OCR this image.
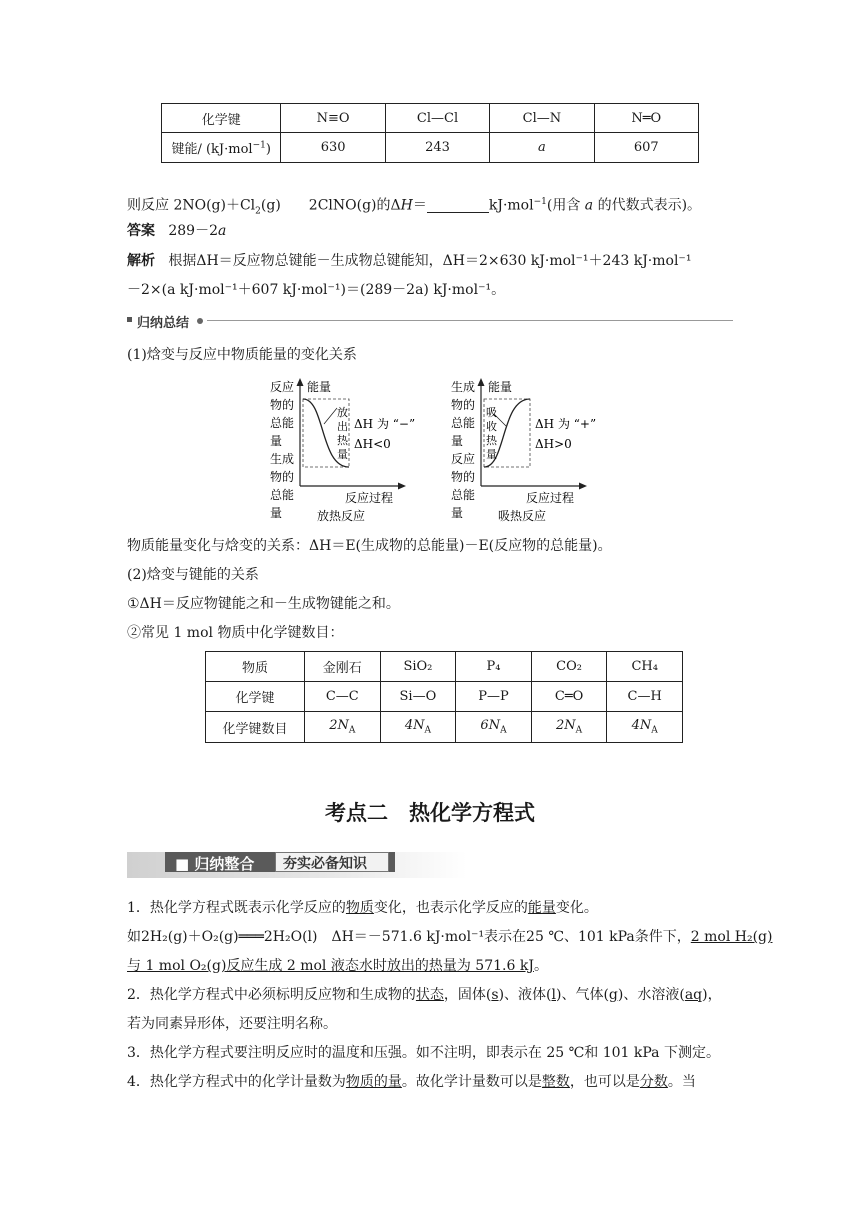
化学键	N≡O	Cl—Cl	Cl—N	N═O
键能/ (kJ·mol$^{-1}$)	630	243	a	607
则反应 $2NO(g)+Cl_2(g)$　　2ClNO(g)的ΔH＝	kJ·mol$^{-1}$(用含 a 的代数式表示)。
答案 289－2a
解析 根据ΔH＝反应物总键能－生成物总键能知，ΔH＝2×630 kJ·mol⁻¹＋243 kJ·mol⁻¹
－2×(a kJ·mol⁻¹＋607 kJ·mol⁻¹)＝(289－2a) kJ·mol⁻¹。
归纳总结
(1)焓变与反应中物质能量的变化关系
能量
反应
物的
总能
量
生成
物的
总能
量
放
出
热
量
ΔH 为 “−”
ΔH<0
反应过程
放热反应
能量
生成
物的
总能
量
反应
物的
总能
量
吸
收
热
量
ΔH 为 “+”
ΔH>0
反应过程
吸热反应
物质能量变化与焓变的关系：ΔH＝E(生成物的总能量)－E(反应物的总能量)。
(2)焓变与键能的关系
①ΔH＝反应物键能之和－生成物键能之和。
②常见 1 mol 物质中化学键数目：
物质	金刚石	SiO₂	P₄	CO₂	CH₄
化学键	C—C	Si—O	P—P	C═O	C—H
化学键数目	$2N_A$	$4N_A$	$6N_A$	$2N_A$	$4N_A$
考点二　热化学方程式
■ 归纳整合 夯实必备知识
1．热化学方程式既表示化学反应的物质变化，也表示化学反应的能量变化。
如2H₂(g)＋O₂(g)═══2H₂O(l)　ΔH＝－571.6 kJ·mol⁻¹表示在25 ℃、101 kPa条件下，2 mol H₂(g)
与 1 mol O₂(g)反应生成 2 mol 液态水时放出的热量为 571.6 kJ。
2．热化学方程式中必须标明反应物和生成物的状态，固体(s)、液体(l)、气体(g)、水溶液(aq)，
若为同素异形体，还要注明名称。
3．热化学方程式要注明反应时的温度和压强。如不注明，即表示在 25 ℃和 101 kPa 下测定。
4．热化学方程式中的化学计量数为物质的量。故化学计量数可以是整数，也可以是分数。当
